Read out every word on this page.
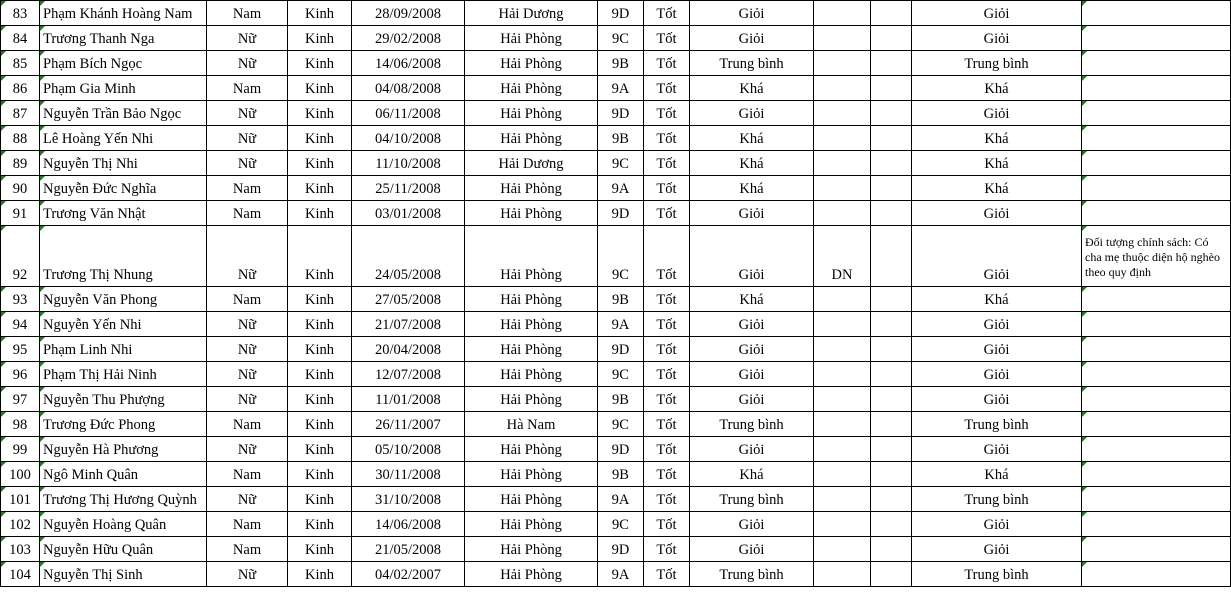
83	Phạm Khánh Hoàng Nam	Nam	Kinh	28/09/2008	Hải Dương	9D	Tốt	Giỏi			Giỏi	
84	Trương Thanh Nga	Nữ	Kinh	29/02/2008	Hải Phòng	9C	Tốt	Giỏi			Giỏi	
85	Phạm Bích Ngọc	Nữ	Kinh	14/06/2008	Hải Phòng	9B	Tốt	Trung bình			Trung bình	
86	Phạm Gia Minh	Nam	Kinh	04/08/2008	Hải Phòng	9A	Tốt	Khá			Khá	
87	Nguyễn Trần Bảo Ngọc	Nữ	Kinh	06/11/2008	Hải Phòng	9D	Tốt	Giỏi			Giỏi	
88	Lê Hoàng Yến Nhi	Nữ	Kinh	04/10/2008	Hải Phòng	9B	Tốt	Khá			Khá	
89	Nguyễn Thị Nhi	Nữ	Kinh	11/10/2008	Hải Dương	9C	Tốt	Khá			Khá	
90	Nguyễn Đức Nghĩa	Nam	Kinh	25/11/2008	Hải Phòng	9A	Tốt	Khá			Khá	
91	Trương Văn Nhật	Nam	Kinh	03/01/2008	Hải Phòng	9D	Tốt	Giỏi			Giỏi	
92	Trương Thị Nhung	Nữ	Kinh	24/05/2008	Hải Phòng	9C	Tốt	Giỏi	DN		Giỏi	Đối tượng chính sách: Có cha mẹ thuộc diện hộ nghèo theo quy định
93	Nguyễn Văn Phong	Nam	Kinh	27/05/2008	Hải Phòng	9B	Tốt	Khá			Khá	
94	Nguyễn Yến Nhi	Nữ	Kinh	21/07/2008	Hải Phòng	9A	Tốt	Giỏi			Giỏi	
95	Phạm Linh Nhi	Nữ	Kinh	20/04/2008	Hải Phòng	9D	Tốt	Giỏi			Giỏi	
96	Phạm Thị Hải Ninh	Nữ	Kinh	12/07/2008	Hải Phòng	9C	Tốt	Giỏi			Giỏi	
97	Nguyễn Thu Phượng	Nữ	Kinh	11/01/2008	Hải Phòng	9B	Tốt	Giỏi			Giỏi	
98	Trương Đức Phong	Nam	Kinh	26/11/2007	Hà Nam	9C	Tốt	Trung bình			Trung bình	
99	Nguyễn Hà Phương	Nữ	Kinh	05/10/2008	Hải Phòng	9D	Tốt	Giỏi			Giỏi	
100	Ngô Minh Quân	Nam	Kinh	30/11/2008	Hải Phòng	9B	Tốt	Khá			Khá	
101	Trương Thị Hương Quỳnh	Nữ	Kinh	31/10/2008	Hải Phòng	9A	Tốt	Trung bình			Trung bình	
102	Nguyễn Hoàng Quân	Nam	Kinh	14/06/2008	Hải Phòng	9C	Tốt	Giỏi			Giỏi	
103	Nguyễn Hữu Quân	Nam	Kinh	21/05/2008	Hải Phòng	9D	Tốt	Giỏi			Giỏi	
104	Nguyễn Thị Sinh	Nữ	Kinh	04/02/2007	Hải Phòng	9A	Tốt	Trung bình			Trung bình	
